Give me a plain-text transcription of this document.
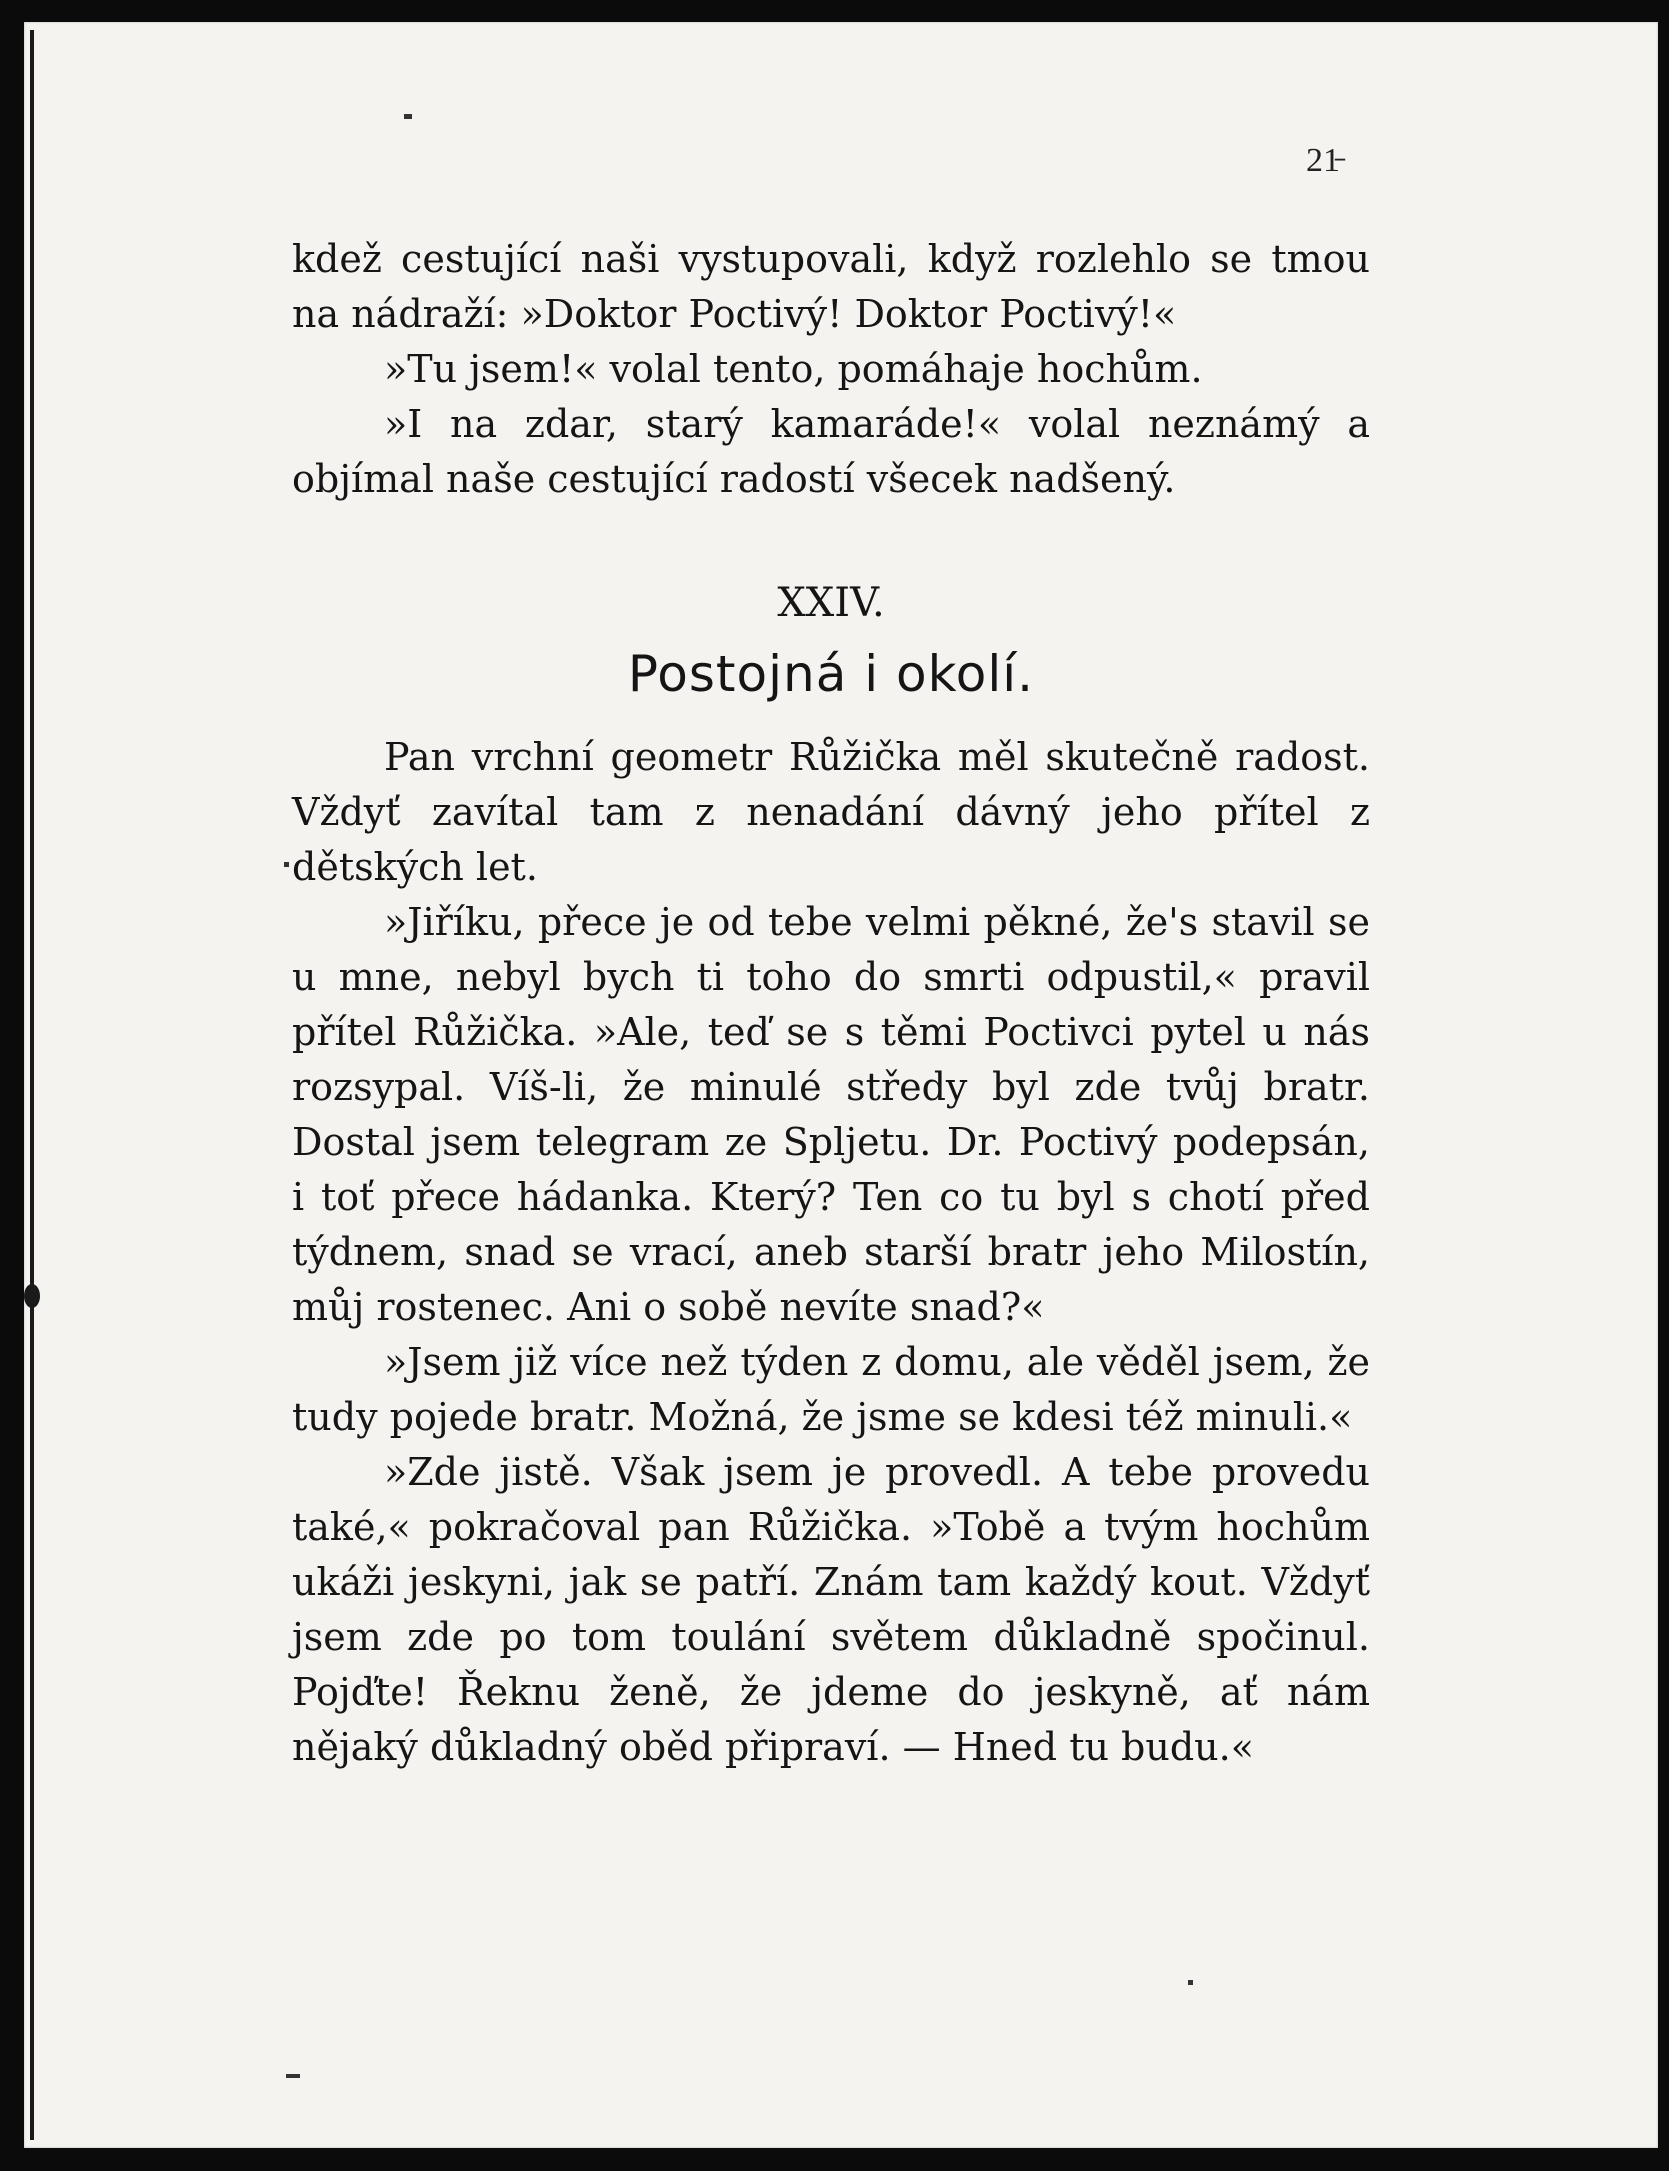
21̵

kdež cestující naši vystupovali, když rozlehlo se tmou na nádraží: »Doktor Poctivý! Doktor Poctivý!«

»Tu jsem!« volal tento, pomáhaje hochům.

»I na zdar, starý kamaráde!« volal neznámý a objímal naše cestující radostí všecek nadšený.

XXIV.
Postojná i okolí.

Pan vrchní geometr Růžička měl skutečně radost. Vždyť zavítal tam z nenadání dávný jeho přítel z dětských let.

»Jiříku, přece je od tebe velmi pěkné, že's stavil se u mne, nebyl bych ti toho do smrti odpustil,« pravil přítel Růžička. »Ale, teď se s těmi Poctivci pytel u nás rozsypal. Víš-li, že minulé středy byl zde tvůj bratr. Dostal jsem telegram ze Spljetu. Dr. Poctivý podepsán, i toť přece hádanka. Který? Ten co tu byl s chotí před týdnem, snad se vrací, aneb starší bratr jeho Milostín, můj rostenec. Ani o sobě nevíte snad?«

»Jsem již více než týden z domu, ale věděl jsem, že tudy pojede bratr. Možná, že jsme se kdesi též minuli.«

»Zde jistě. Však jsem je provedl. A tebe provedu také,« pokračoval pan Růžička. »Tobě a tvým hochům ukáži jeskyni, jak se patří. Znám tam každý kout. Vždyť jsem zde po tom toulání světem důkladně spočinul. Pojďte! Řeknu ženě, že jdeme do jeskyně, ať nám nějaký důkladný oběd připraví. — Hned tu budu.«
